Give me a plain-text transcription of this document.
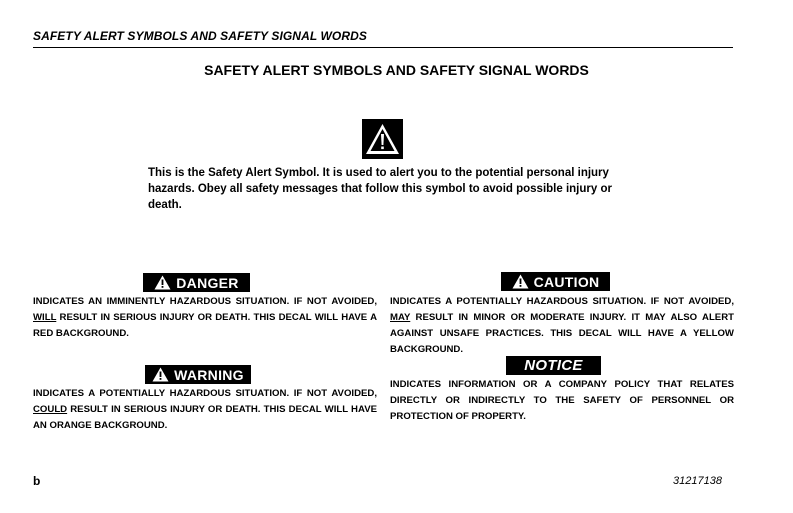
SAFETY ALERT SYMBOLS AND SAFETY SIGNAL WORDS
SAFETY ALERT SYMBOLS AND SAFETY SIGNAL WORDS
This is the Safety Alert Symbol. It is used to alert you to the potential personal injury hazards. Obey all safety messages that follow this symbol to avoid possible injury or death.
DANGER
INDICATES AN IMMINENTLY HAZARDOUS SITUATION. IF NOT AVOIDED, WILL RESULT IN SERIOUS INJURY OR DEATH. THIS DECAL WILL HAVE A RED BACKGROUND.
CAUTION
INDICATES A POTENTIALLY HAZARDOUS SITUATION. IF NOT AVOIDED, MAY RESULT IN MINOR OR MODERATE INJURY. IT MAY ALSO ALERT AGAINST UNSAFE PRACTICES. THIS DECAL WILL HAVE A YELLOW BACKGROUND.
WARNING
INDICATES A POTENTIALLY HAZARDOUS SITUATION. IF NOT AVOIDED, COULD RESULT IN SERIOUS INJURY OR DEATH. THIS DECAL WILL HAVE AN ORANGE BACKGROUND.
NOTICE
INDICATES INFORMATION OR A COMPANY POLICY THAT RELATES DIRECTLY OR INDIRECTLY TO THE SAFETY OF PERSONNEL OR PROTECTION OF PROPERTY.
b	31217138
